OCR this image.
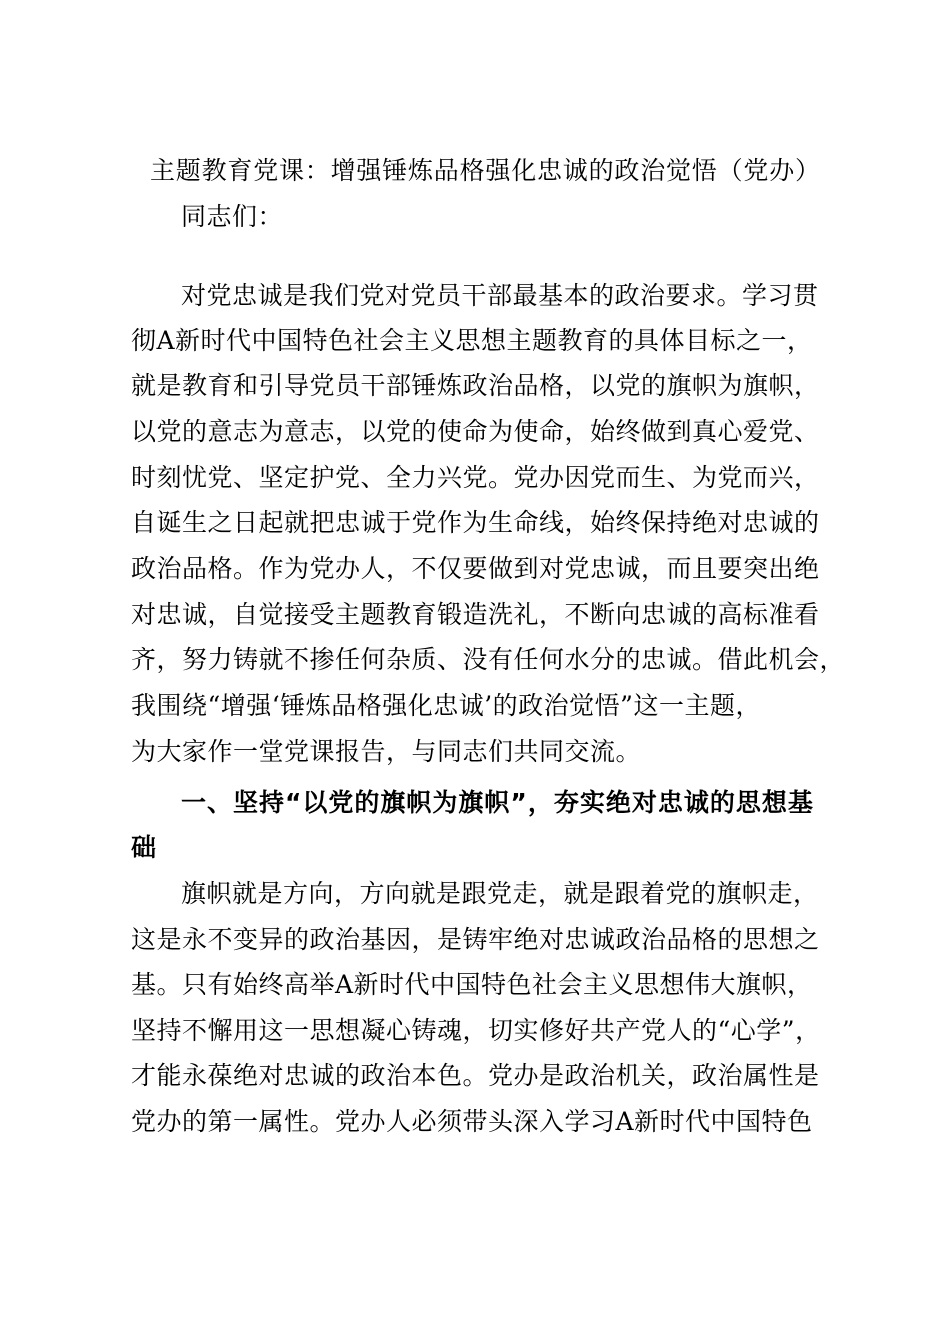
主题教育党课：增强锤炼品格强化忠诚的政治觉悟（党办）
同志们：
对党忠诚是我们党对党员干部最基本的政治要求。学习贯
彻A新时代中国特色社会主义思想主题教育的具体目标之一，
就是教育和引导党员干部锤炼政治品格，以党的旗帜为旗帜，
以党的意志为意志，以党的使命为使命，始终做到真心爱党、
时刻忧党、坚定护党、全力兴党。党办因党而生、为党而兴，
自诞生之日起就把忠诚于党作为生命线，始终保持绝对忠诚的
政治品格。作为党办人，不仅要做到对党忠诚，而且要突出绝
对忠诚，自觉接受主题教育锻造洗礼，不断向忠诚的高标准看
齐，努力铸就不掺任何杂质、没有任何水分的忠诚。借此机会，
我围绕“增强‘锤炼品格强化忠诚’的政治觉悟”这一主题，
为大家作一堂党课报告，与同志们共同交流。
一、坚持“以党的旗帜为旗帜”，夯实绝对忠诚的思想基
础
旗帜就是方向，方向就是跟党走，就是跟着党的旗帜走，
这是永不变异的政治基因，是铸牢绝对忠诚政治品格的思想之
基。只有始终高举A新时代中国特色社会主义思想伟大旗帜，
坚持不懈用这一思想凝心铸魂，切实修好共产党人的“心学”，
才能永葆绝对忠诚的政治本色。党办是政治机关，政治属性是
党办的第一属性。党办人必须带头深入学习A新时代中国特色
